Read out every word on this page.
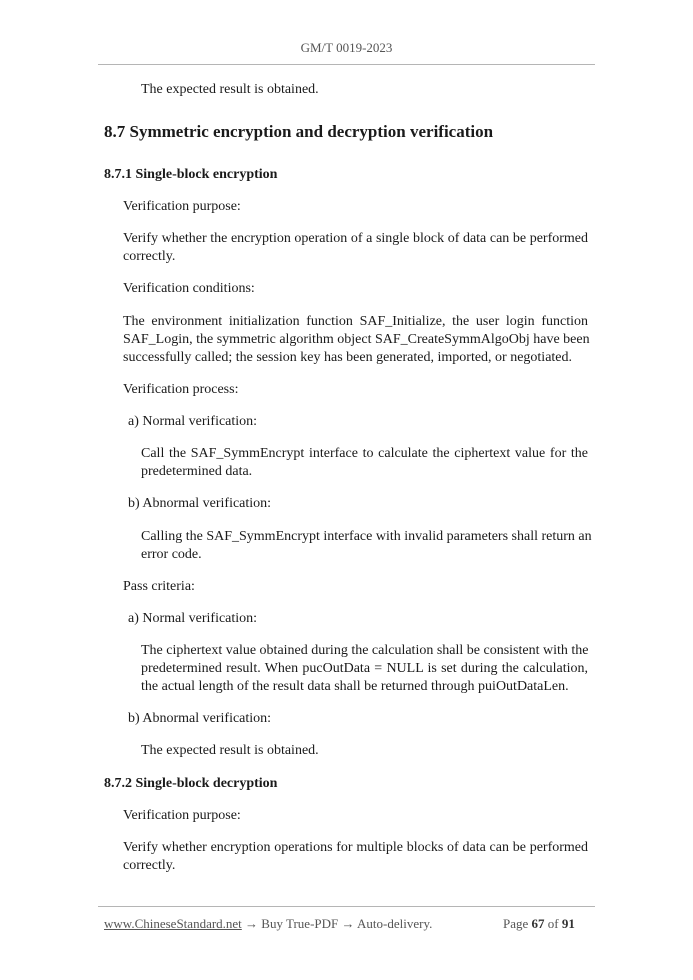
GM/T 0019-2023
The expected result is obtained.
8.7 Symmetric encryption and decryption verification
8.7.1 Single-block encryption
Verification purpose:
Verify whether the encryption operation of a single block of data can be performed
correctly.
Verification conditions:
The environment initialization function SAF_Initialize, the user login function
SAF_Login, the symmetric algorithm object SAF_CreateSymmAlgoObj have been
successfully called; the session key has been generated, imported, or negotiated.
Verification process:
a) Normal verification:
Call the SAF_SymmEncrypt interface to calculate the ciphertext value for the
predetermined data.
b) Abnormal verification:
Calling the SAF_SymmEncrypt interface with invalid parameters shall return an
error code.
Pass criteria:
a) Normal verification:
The ciphertext value obtained during the calculation shall be consistent with the
predetermined result. When pucOutData = NULL is set during the calculation,
the actual length of the result data shall be returned through puiOutDataLen.
b) Abnormal verification:
The expected result is obtained.
8.7.2 Single-block decryption
Verification purpose:
Verify whether encryption operations for multiple blocks of data can be performed
correctly.
www.ChineseStandard.net → Buy True-PDF → Auto-delivery.	Page 67 of 91
